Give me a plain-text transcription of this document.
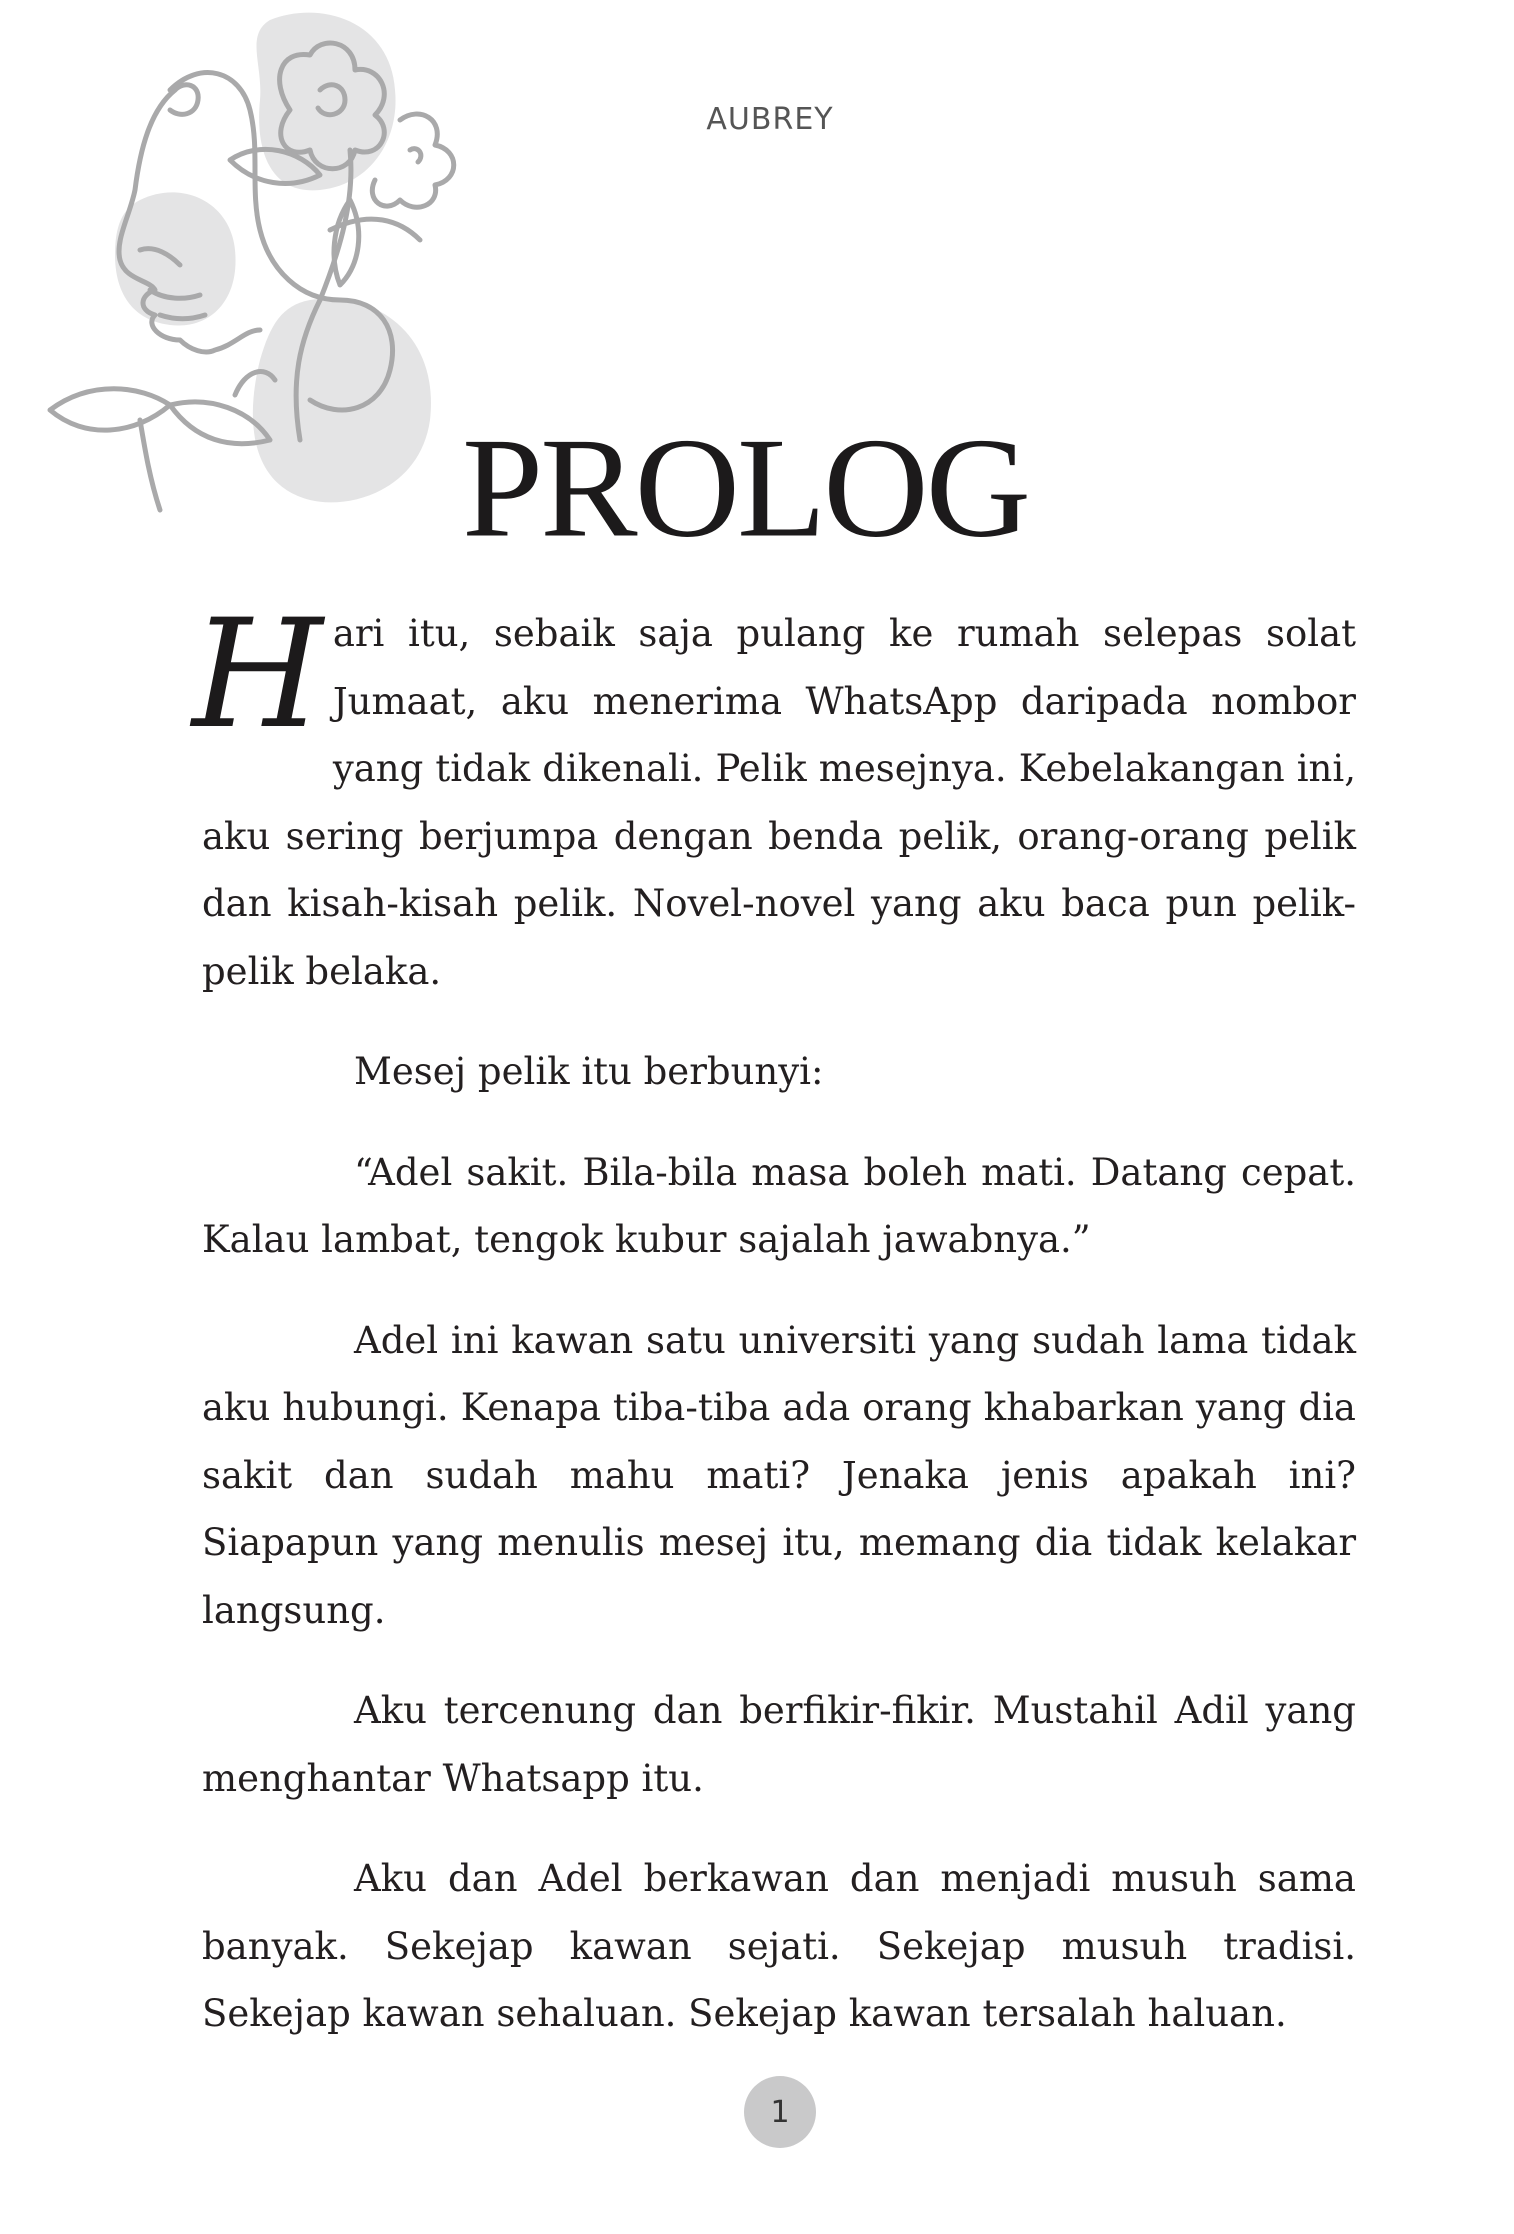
AUBREY
PROLOG

Hari itu, sebaik saja pulang ke rumah selepas solat Jumaat, aku menerima WhatsApp daripada nombor yang tidak dikenali. Pelik mesejnya. Kebelakangan ini, aku sering berjumpa dengan benda pelik, orang-orang pelik dan kisah-kisah pelik. Novel-novel yang aku baca pun pelik-pelik belaka.

Mesej pelik itu berbunyi:

“Adel sakit. Bila-bila masa boleh mati. Datang cepat. Kalau lambat, tengok kubur sajalah jawabnya.”

Adel ini kawan satu universiti yang sudah lama tidak aku hubungi. Kenapa tiba-tiba ada orang khabarkan yang dia sakit dan sudah mahu mati? Jenaka jenis apakah ini? Siapapun yang menulis mesej itu, memang dia tidak kelakar langsung.

Aku tercenung dan berfikir-fikir. Mustahil Adil yang menghantar Whatsapp itu.

Aku dan Adel berkawan dan menjadi musuh sama banyak. Sekejap kawan sejati. Sekejap musuh tradisi. Sekejap kawan sehaluan. Sekejap kawan tersalah haluan.

1
